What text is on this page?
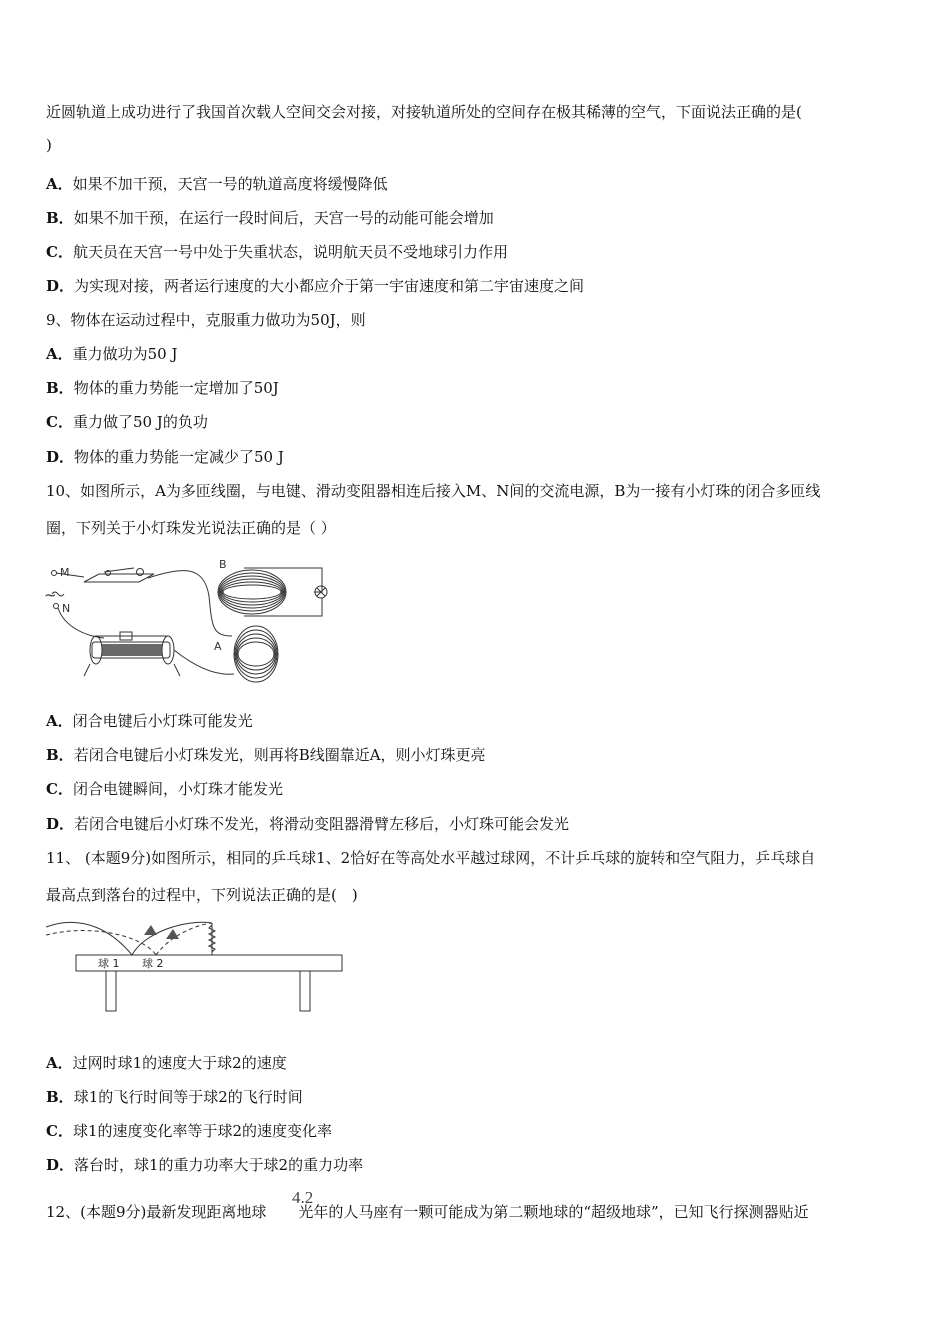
近圆轨道上成功进行了我国首次载人空间交会对接，对接轨道所处的空间存在极其稀薄的空气，下面说法正确的是(
)
A．如果不加干预，天宫一号的轨道高度将缓慢降低
B．如果不加干预，在运行一段时间后，天宫一号的动能可能会增加
C．航天员在天宫一号中处于失重状态，说明航天员不受地球引力作用
D．为实现对接，两者运行速度的大小都应介于第一宇宙速度和第二宇宙速度之间
9、物体在运动过程中，克服重力做功为50J，则
A．重力做功为50 J
B．物体的重力势能一定增加了50J
C．重力做了50 J的负功
D．物体的重力势能一定减少了50 J
10、如图所示，A为多匝线圈，与电键、滑动变阻器相连后接入M、N间的交流电源，B为一接有小灯珠的闭合多匝线
圈，下列关于小灯珠发光说法正确的是（ ）
M
~
N
A
B
A．闭合电键后小灯珠可能发光
B．若闭合电键后小灯珠发光，则再将B线圈靠近A，则小灯珠更亮
C．闭合电键瞬间，小灯珠才能发光
D．若闭合电键后小灯珠不发光，将滑动变阻器滑臂左移后，小灯珠可能会发光
11、 (本题9分)如图所示，相同的乒乓球1、2恰好在等高处水平越过球网，不计乒乓球的旋转和空气阻力，乒乓球自
最高点到落台的过程中，下列说法正确的是(　)
球 1 球 2
A．过网时球1的速度大于球2的速度
B．球1的飞行时间等于球2的飞行时间
C．球1的速度变化率等于球2的速度变化率
D．落台时，球1的重力功率大于球2的重力功率
12、(本题9分)最新发现距离地球 光年的人马座有一颗可能成为第二颗地球的“超级地球”，已知飞行探测器贴近
4.2
